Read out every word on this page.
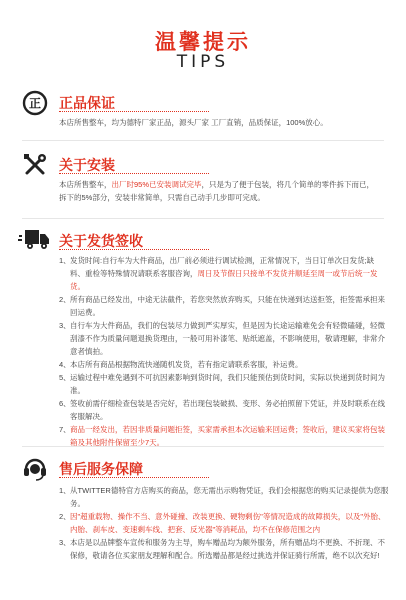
温馨提示
TIPS
正 正品保证
本店所售整车，均为德特厂家正品，源头厂家 工厂直销，品质保证，100%放心。
关于安装
本店所售整车，出厂时95%已安装调试完毕，只是为了便于包装，将几个简单的零件拆下而已，
拆下的5%部分，安装非常简单，只需自己动手几步即可完成。
关于发货签收
1、 发货时间:自行车为大件商品，出厂前必须进行调试检测，正常情况下，当日订单次日发货;缺料、重检等特殊情况请联系客服咨询，周日及节假日只接单不发货并顺延至周一或节后统一发货。
2、 所有商品已经发出，中途无法截件，若您突然放弃购买，只能在快递到达送拒签，拒签需承担来回运费。
3、 自行车为大件商品，我们的包装尽力做到严实厚实，但是因为长途运输难免会有轻微磕碰，轻微刮漆不作为质量问题退换货理由，一般可用补漆笔、贴纸遮盖，不影响使用，敬请理解，非常介意者慎拍。
4、 本店所有商品根据物流快递随机发货，若有指定请联系客服，补运费。
5、 运输过程中难免遇到不可抗因素影响到货时间，我们只能预估到货时间，实际以快递到货时间为准。
6、 签收前需仔细检查包装是否完好，若出现包装破损、变形、务必拍照留下凭证，并及时联系在线客服解决。
7、 商品一经发出，若因非质量问题拒签，买家需承担本次运输来回运费；签收后，建议买家将包装箱及其他附件保留至少7天。
售后服务保障
1、 从TWITTER德特官方店购买的商品，您无需出示购物凭证，我们会根据您的购买记录提供为您服务。
2、 因"超重载物、操作不当、意外碰撞、改装更换、硬物剩伤"等情况造成的故障损失，以及"外胎、内胎、刹车皮、变速剩车线、把套、反光器"等消耗品，均不在保修范围之内
3、 本店是以品牌整车宣传和服务为主导，购车赠品均为额外服务，所有赠品均不更换、不折现、不保修，敬请各位买家朋友理解和配合。所选赠品都是经过挑选并保证骑行所需，绝不以次充好!
